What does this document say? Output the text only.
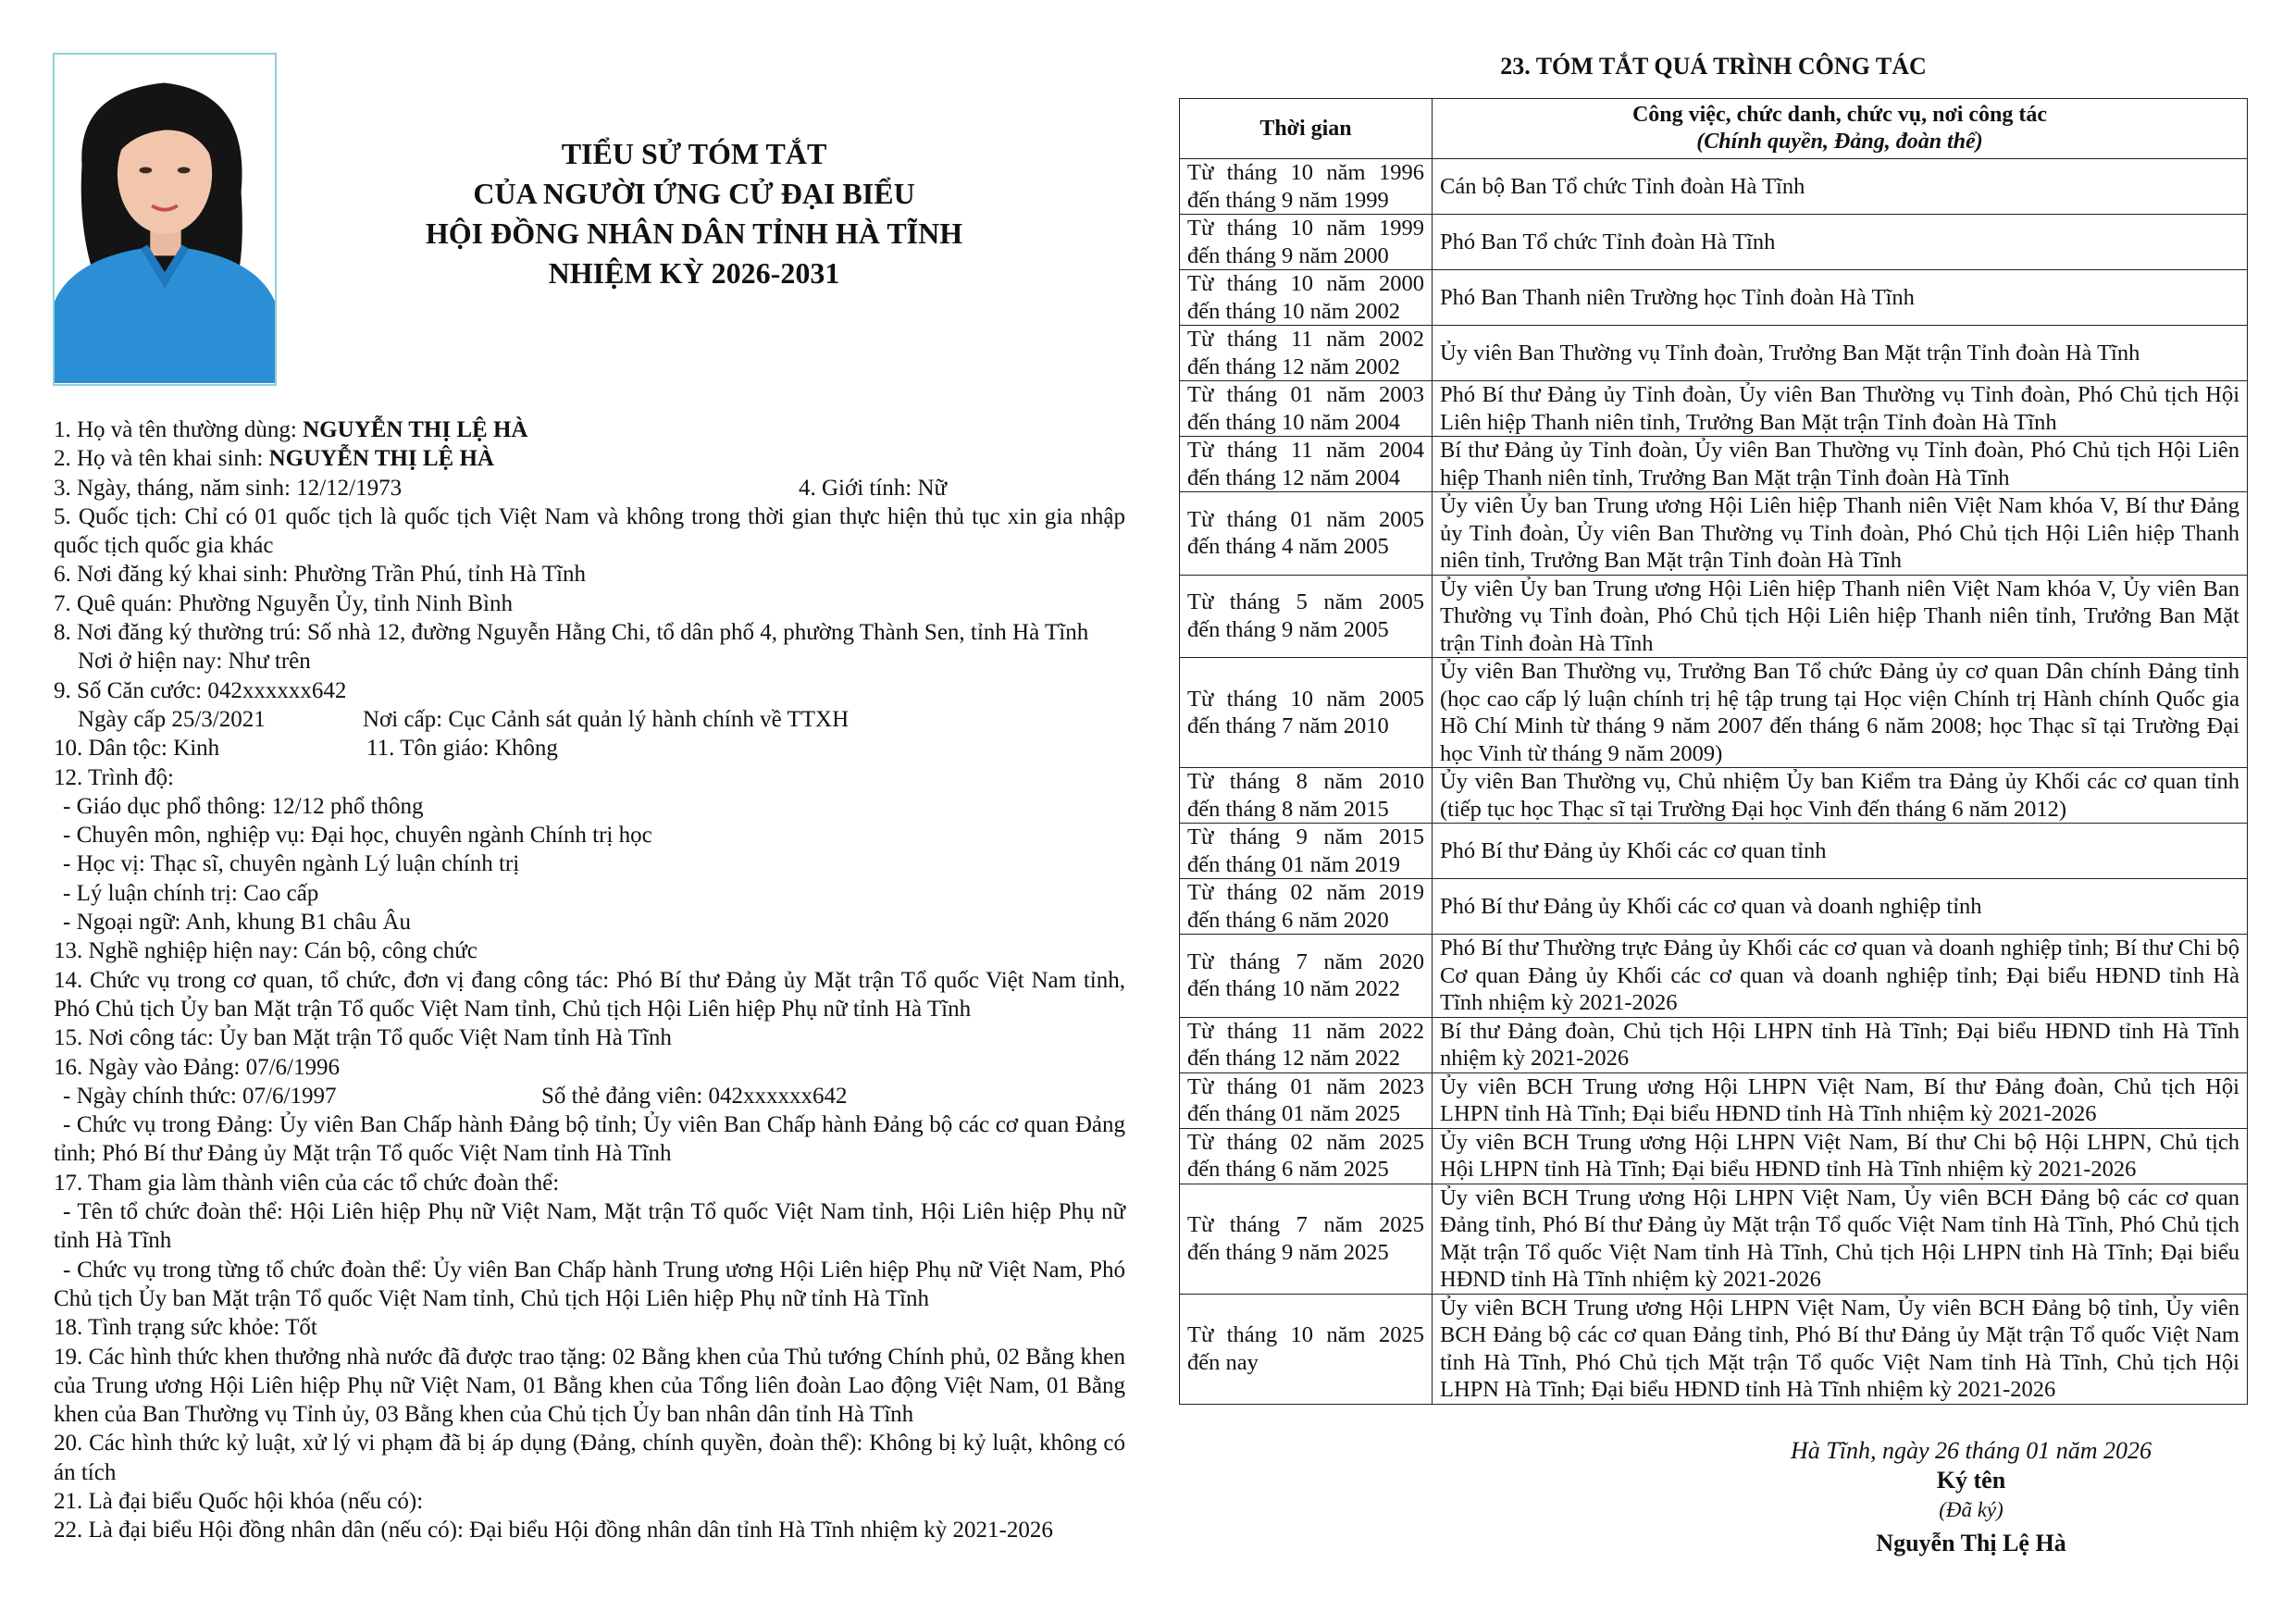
TIỂU SỬ TÓM TẮT
CỦA NGƯỜI ỨNG CỬ ĐẠI BIỂU
HỘI ĐỒNG NHÂN DÂN TỈNH HÀ TĨNH
NHIỆM KỲ 2026-2031
1. Họ và tên thường dùng: NGUYỄN THỊ LỆ HÀ
2. Họ và tên khai sinh: NGUYỄN THỊ LỆ HÀ
3. Ngày, tháng, năm sinh: 12/12/1973	4. Giới tính: Nữ
5. Quốc tịch: Chỉ có 01 quốc tịch là quốc tịch Việt Nam và không trong thời gian thực hiện thủ tục xin gia nhập quốc tịch quốc gia khác
6. Nơi đăng ký khai sinh: Phường Trần Phú, tỉnh Hà Tĩnh
7. Quê quán: Phường Nguyễn Ủy, tỉnh Ninh Bình
8. Nơi đăng ký thường trú: Số nhà 12, đường Nguyễn Hằng Chi, tổ dân phố 4, phường Thành Sen, tỉnh Hà Tĩnh
Nơi ở hiện nay: Như trên
9. Số Căn cước: 042xxxxxx642
Ngày cấp 25/3/2021	Nơi cấp: Cục Cảnh sát quản lý hành chính về TTXH
10. Dân tộc: Kinh	11. Tôn giáo: Không
12. Trình độ:
- Giáo dục phổ thông: 12/12 phổ thông
- Chuyên môn, nghiệp vụ: Đại học, chuyên ngành Chính trị học
- Học vị: Thạc sĩ, chuyên ngành Lý luận chính trị
- Lý luận chính trị: Cao cấp
- Ngoại ngữ: Anh, khung B1 châu Âu
13. Nghề nghiệp hiện nay: Cán bộ, công chức
14. Chức vụ trong cơ quan, tổ chức, đơn vị đang công tác: Phó Bí thư Đảng ủy Mặt trận Tổ quốc Việt Nam tỉnh, Phó Chủ tịch Ủy ban Mặt trận Tổ quốc Việt Nam tỉnh, Chủ tịch Hội Liên hiệp Phụ nữ tỉnh Hà Tĩnh
15. Nơi công tác: Ủy ban Mặt trận Tổ quốc Việt Nam tỉnh Hà Tĩnh
16. Ngày vào Đảng: 07/6/1996
- Ngày chính thức: 07/6/1997	Số thẻ đảng viên: 042xxxxxx642
- Chức vụ trong Đảng: Ủy viên Ban Chấp hành Đảng bộ tỉnh; Ủy viên Ban Chấp hành Đảng bộ các cơ quan Đảng tỉnh; Phó Bí thư Đảng ủy Mặt trận Tổ quốc Việt Nam tỉnh Hà Tĩnh
17. Tham gia làm thành viên của các tổ chức đoàn thể:
- Tên tổ chức đoàn thể: Hội Liên hiệp Phụ nữ Việt Nam, Mặt trận Tổ quốc Việt Nam tỉnh, Hội Liên hiệp Phụ nữ tỉnh Hà Tĩnh
- Chức vụ trong từng tổ chức đoàn thể: Ủy viên Ban Chấp hành Trung ương Hội Liên hiệp Phụ nữ Việt Nam, Phó Chủ tịch Ủy ban Mặt trận Tổ quốc Việt Nam tỉnh, Chủ tịch Hội Liên hiệp Phụ nữ tỉnh Hà Tĩnh
18. Tình trạng sức khỏe: Tốt
19. Các hình thức khen thưởng nhà nước đã được trao tặng: 02 Bằng khen của Thủ tướng Chính phủ, 02 Bằng khen của Trung ương Hội Liên hiệp Phụ nữ Việt Nam, 01 Bằng khen của Tổng liên đoàn Lao động Việt Nam, 01 Bằng khen của Ban Thường vụ Tỉnh ủy, 03 Bằng khen của Chủ tịch Ủy ban nhân dân tỉnh Hà Tĩnh
20. Các hình thức kỷ luật, xử lý vi phạm đã bị áp dụng (Đảng, chính quyền, đoàn thể): Không bị kỷ luật, không có án tích
21. Là đại biểu Quốc hội khóa (nếu có):
22. Là đại biểu Hội đồng nhân dân (nếu có): Đại biểu Hội đồng nhân dân tỉnh Hà Tĩnh nhiệm kỳ 2021-2026
23. TÓM TẮT QUÁ TRÌNH CÔNG TÁC
Thời gian	Công việc, chức danh, chức vụ, nơi công tác
(Chính quyền, Đảng, đoàn thể)

Từ tháng 10 năm 1996
đến tháng 9 năm 1999	Cán bộ Ban Tổ chức Tỉnh đoàn Hà Tĩnh

Từ tháng 10 năm 1999
đến tháng 9 năm 2000	Phó Ban Tổ chức Tỉnh đoàn Hà Tĩnh

Từ tháng 10 năm 2000
đến tháng 10 năm 2002	Phó Ban Thanh niên Trường học Tỉnh đoàn Hà Tĩnh

Từ tháng 11 năm 2002
đến tháng 12 năm 2002	Ủy viên Ban Thường vụ Tỉnh đoàn, Trưởng Ban Mặt trận Tỉnh đoàn Hà Tĩnh

Từ tháng 01 năm 2003
đến tháng 10 năm 2004	Phó Bí thư Đảng ủy Tỉnh đoàn, Ủy viên Ban Thường vụ Tỉnh đoàn, Phó Chủ tịch Hội Liên hiệp Thanh niên tỉnh, Trưởng Ban Mặt trận Tỉnh đoàn Hà Tĩnh

Từ tháng 11 năm 2004
đến tháng 12 năm 2004	Bí thư Đảng ủy Tỉnh đoàn, Ủy viên Ban Thường vụ Tỉnh đoàn, Phó Chủ tịch Hội Liên hiệp Thanh niên tỉnh, Trưởng Ban Mặt trận Tỉnh đoàn Hà Tĩnh

Từ tháng 01 năm 2005
đến tháng 4 năm 2005	Ủy viên Ủy ban Trung ương Hội Liên hiệp Thanh niên Việt Nam khóa V, Bí thư Đảng ủy Tỉnh đoàn, Ủy viên Ban Thường vụ Tỉnh đoàn, Phó Chủ tịch Hội Liên hiệp Thanh niên tỉnh, Trưởng Ban Mặt trận Tỉnh đoàn Hà Tĩnh

Từ tháng 5 năm 2005
đến tháng 9 năm 2005	Ủy viên Ủy ban Trung ương Hội Liên hiệp Thanh niên Việt Nam khóa V, Ủy viên Ban Thường vụ Tỉnh đoàn, Phó Chủ tịch Hội Liên hiệp Thanh niên tỉnh, Trưởng Ban Mặt trận Tỉnh đoàn Hà Tĩnh

Từ tháng 10 năm 2005
đến tháng 7 năm 2010	Ủy viên Ban Thường vụ, Trưởng Ban Tổ chức Đảng ủy cơ quan Dân chính Đảng tỉnh (học cao cấp lý luận chính trị hệ tập trung tại Học viện Chính trị Hành chính Quốc gia Hồ Chí Minh từ tháng 9 năm 2007 đến tháng 6 năm 2008; học Thạc sĩ tại Trường Đại học Vinh từ tháng 9 năm 2009)

Từ tháng 8 năm 2010
đến tháng 8 năm 2015	Ủy viên Ban Thường vụ, Chủ nhiệm Ủy ban Kiểm tra Đảng ủy Khối các cơ quan tỉnh (tiếp tục học Thạc sĩ tại Trường Đại học Vinh đến tháng 6 năm 2012)

Từ tháng 9 năm 2015
đến tháng 01 năm 2019	Phó Bí thư Đảng ủy Khối các cơ quan tỉnh

Từ tháng 02 năm 2019
đến tháng 6 năm 2020	Phó Bí thư Đảng ủy Khối các cơ quan và doanh nghiệp tỉnh

Từ tháng 7 năm 2020
đến tháng 10 năm 2022	Phó Bí thư Thường trực Đảng ủy Khối các cơ quan và doanh nghiệp tỉnh; Bí thư Chi bộ Cơ quan Đảng ủy Khối các cơ quan và doanh nghiệp tỉnh; Đại biểu HĐND tỉnh Hà Tĩnh nhiệm kỳ 2021-2026

Từ tháng 11 năm 2022
đến tháng 12 năm 2022	Bí thư Đảng đoàn, Chủ tịch Hội LHPN tỉnh Hà Tĩnh; Đại biểu HĐND tỉnh Hà Tĩnh nhiệm kỳ 2021-2026

Từ tháng 01 năm 2023
đến tháng 01 năm 2025	Ủy viên BCH Trung ương Hội LHPN Việt Nam, Bí thư Đảng đoàn, Chủ tịch Hội LHPN tỉnh Hà Tĩnh; Đại biểu HĐND tỉnh Hà Tĩnh nhiệm kỳ 2021-2026

Từ tháng 02 năm 2025
đến tháng 6 năm 2025	Ủy viên BCH Trung ương Hội LHPN Việt Nam, Bí thư Chi bộ Hội LHPN, Chủ tịch Hội LHPN tỉnh Hà Tĩnh; Đại biểu HĐND tỉnh Hà Tĩnh nhiệm kỳ 2021-2026

Từ tháng 7 năm 2025
đến tháng 9 năm 2025	Ủy viên BCH Trung ương Hội LHPN Việt Nam, Ủy viên BCH Đảng bộ các cơ quan Đảng tỉnh, Phó Bí thư Đảng ủy Mặt trận Tổ quốc Việt Nam tỉnh Hà Tĩnh, Phó Chủ tịch Mặt trận Tổ quốc Việt Nam tỉnh Hà Tĩnh, Chủ tịch Hội LHPN tỉnh Hà Tĩnh; Đại biểu HĐND tỉnh Hà Tĩnh nhiệm kỳ 2021-2026

Từ tháng 10 năm 2025
đến nay	Ủy viên BCH Trung ương Hội LHPN Việt Nam, Ủy viên BCH Đảng bộ tỉnh, Ủy viên BCH Đảng bộ các cơ quan Đảng tỉnh, Phó Bí thư Đảng ủy Mặt trận Tổ quốc Việt Nam tỉnh Hà Tĩnh, Phó Chủ tịch Mặt trận Tổ quốc Việt Nam tỉnh Hà Tĩnh, Chủ tịch Hội LHPN Hà Tĩnh; Đại biểu HĐND tỉnh Hà Tĩnh nhiệm kỳ 2021-2026
Hà Tĩnh, ngày 26 tháng 01 năm 2026
Ký tên
(Đã ký)
Nguyễn Thị Lệ Hà
